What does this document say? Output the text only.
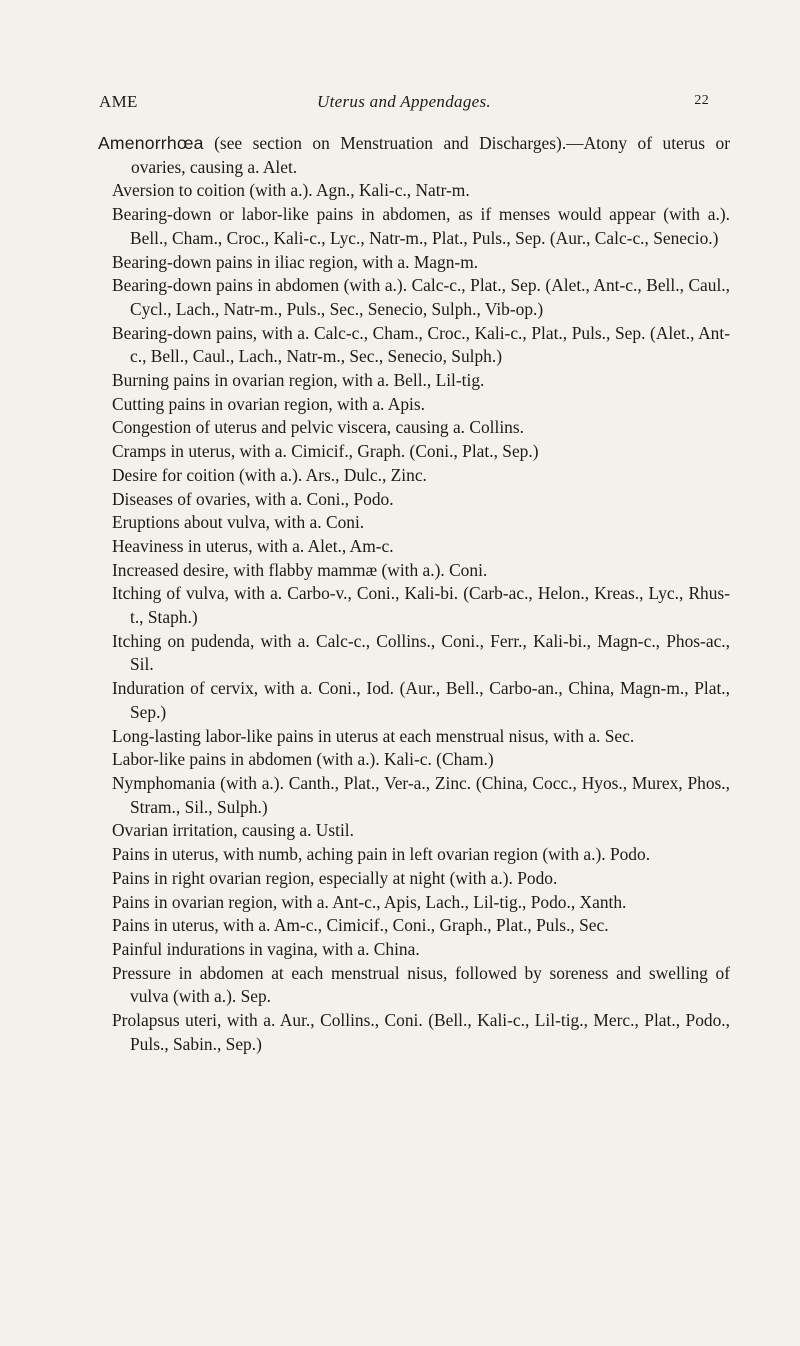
AME	Uterus and Appendages.	22
Amenorrhœa (see section on Menstruation and Discharges).—Atony of uterus or ovaries, causing a. Alet.
Aversion to coition (with a.). Agn., Kali-c., Natr-m.
Bearing-down or labor-like pains in abdomen, as if menses would appear (with a.). Bell., Cham., Croc., Kali-c., Lyc., Natr-m., Plat., Puls., Sep. (Aur., Calc-c., Senecio.)
Bearing-down pains in iliac region, with a. Magn-m.
Bearing-down pains in abdomen (with a.). Calc-c., Plat., Sep. (Alet., Ant-c., Bell., Caul., Cycl., Lach., Natr-m., Puls., Sec., Senecio, Sulph., Vib-op.)
Bearing-down pains, with a. Calc-c., Cham., Croc., Kali-c., Plat., Puls., Sep. (Alet., Ant-c., Bell., Caul., Lach., Natr-m., Sec., Senecio, Sulph.)
Burning pains in ovarian region, with a. Bell., Lil-tig.
Cutting pains in ovarian region, with a. Apis.
Congestion of uterus and pelvic viscera, causing a. Collins.
Cramps in uterus, with a. Cimicif., Graph. (Coni., Plat., Sep.)
Desire for coition (with a.). Ars., Dulc., Zinc.
Diseases of ovaries, with a. Coni., Podo.
Eruptions about vulva, with a. Coni.
Heaviness in uterus, with a. Alet., Am-c.
Increased desire, with flabby mammæ (with a.). Coni.
Itching of vulva, with a. Carbo-v., Coni., Kali-bi. (Carb-ac., Helon., Kreas., Lyc., Rhus-t., Staph.)
Itching on pudenda, with a. Calc-c., Collins., Coni., Ferr., Kali-bi., Magn-c., Phos-ac., Sil.
Induration of cervix, with a. Coni., Iod. (Aur., Bell., Carbo-an., China, Magn-m., Plat., Sep.)
Long-lasting labor-like pains in uterus at each menstrual nisus, with a. Sec.
Labor-like pains in abdomen (with a.). Kali-c. (Cham.)
Nymphomania (with a.). Canth., Plat., Ver-a., Zinc. (China, Cocc., Hyos., Murex, Phos., Stram., Sil., Sulph.)
Ovarian irritation, causing a. Ustil.
Pains in uterus, with numb, aching pain in left ovarian region (with a.). Podo.
Pains in right ovarian region, especially at night (with a.). Podo.
Pains in ovarian region, with a. Ant-c., Apis, Lach., Lil-tig., Podo., Xanth.
Pains in uterus, with a. Am-c., Cimicif., Coni., Graph., Plat., Puls., Sec.
Painful indurations in vagina, with a. China.
Pressure in abdomen at each menstrual nisus, followed by soreness and swelling of vulva (with a.). Sep.
Prolapsus uteri, with a. Aur., Collins., Coni. (Bell., Kali-c., Lil-tig., Merc., Plat., Podo., Puls., Sabin., Sep.)
